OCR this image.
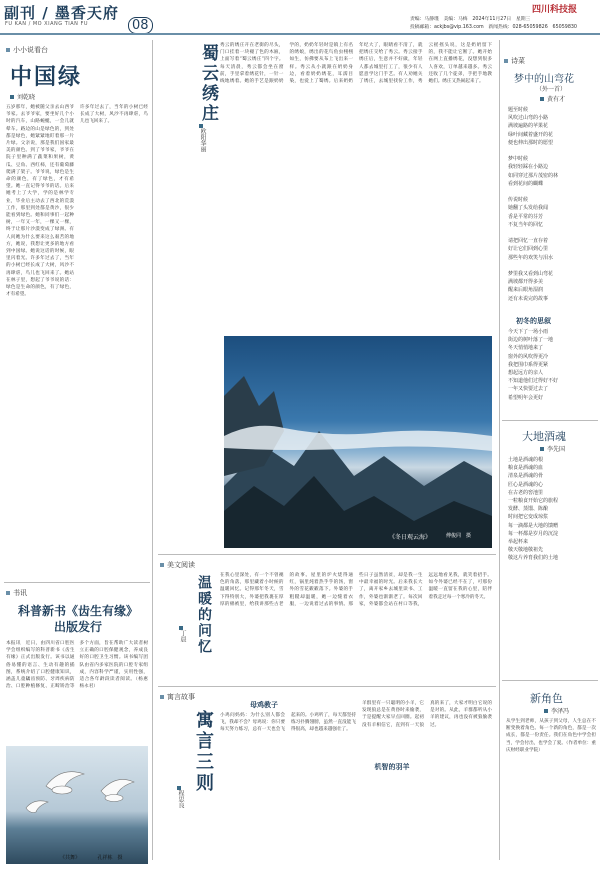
副刊 / 墨香天府
FU KAN / MO XIANG TIAN FU	08
四川科技报
责编：马静瑾　美编：马梅　2024年11月27日　星期三
投稿邮箱：ackjbs@vip.163.com　新闻热线：028-65059826　65059830
小小说看台
中国绿
刘乾晓
五岁那年，她被随父亲去山西爷爷家。去爷爷家，要坐好几个小时的汽车，山路蜿蜒，一会儿就晕车。路边的山是绿色的，到处都是绿色，她紧紧地盯着那一片片绿。父亲说，那是我们国家最美的颜色。到了爷爷家，爷爷在院子里种满了蔬菜和果树，黄瓜、豆角、西红柿，还有葡萄藤爬满了架子。爷爷说，绿色是生命的颜色，有了绿色，才有希望。她一直记得爷爷的话。后来她考上了大学，学的是林学专业，毕业后主动去了西北的荒漠工作，那里到处都是黄沙，很少能看到绿色。她和同事们一起种树，一年又一年，一棵又一棵，终于让那片沙漠变成了绿洲。有人问她为什么要来这么艰苦的地方，她说，我想让更多的地方看到中国绿。她说这话的时候，眼里闪着光。许多年过去了，当年的小树已经长成了大树，风沙不再肆虐，鸟儿也飞回来了。她站在林子里，想起了爷爷说的话：绿色是生命的颜色，有了绿色，才有希望。
许多年过去了，当年的小树已经长成了大树，风沙不再肆虐，鸟儿也飞回来了。
书讯
科普新书《齿生有缘》出版发行
本报讯　近日，由四川省口腔医学会组织编写的科普新书《齿生有缘》正式出版发行。该书以通俗易懂的语言、生动有趣的插图，系统介绍了口腔健康知识，涵盖儿童龋齿预防、牙周疾病防治、口腔种植修复、正畸矫治等多个方面，旨在帮助广大读者树立正确的口腔保健观念，养成良好的口腔卫生习惯。该书编写团队由省内多家医院的口腔专家组成，内容科学严谨，实用性强，适合各年龄段读者阅读。（杨惠　杨永君）
《共舞》　　　　	孔祥栋　摄
蜀云绣庄
欧阳华丽
秀云的绣庄开在老街的尽头，门口挂着一块褪了色的木匾，上面写着“蜀云绣庄”四个字。每天清晨，秀云都会坐在窗前，手里拿着绣花针，一针一线地绣着。她的手艺是跟奶奶学的，奶奶年轻时是镇上有名的绣娘，绣出的花鸟鱼虫栩栩如生，仿佛要从布上飞出来一样。秀云从小就跟在奶奶身边，看着奶奶绣花，耳濡目染，也爱上了蜀绣。后来奶奶年纪大了，眼睛看不清了，就把绣庄交给了秀云。秀云接手绣庄后，生意并不好做，年轻人都去城里打工了，很少有人愿意学这门手艺。有人劝她关了绣庄，去城里找份工作，秀云摇摇头说，这是奶奶留下的，我不能让它断了。她开始在网上直播绣花，没想到很多人喜欢，订单越来越多。秀云还收了几个徒弟，手把手地教她们。绣庄又热闹起来了。
《冬日观云海》	傅俊同　摄
美文阅读
温暖的问忆
丁晨
在我心里深处，有一个不曾褪色的角落，那里藏着小时候的温暖回忆。记得那年冬天，雪下得特别大，外婆把我裹在厚厚的棉被里，给我讲那些古老的故事。屋里的炉火烧得通红，锅里炖着热乎乎的汤，窗外的雪花簌簌落下。外婆的手粗糙却温暖，她一边缝着衣服，一边说着过去的事情。那些日子虽然清贫，却是我一生中最幸福的时光。后来我长大了，离开家乡去城里读书、工作，外婆也渐渐老了。每次回家，外婆都会站在村口等我，远远地看见我，就笑着招手。如今外婆已经不在了，可那份温暖一直留在我的心里，陪伴着我走过每一个寒冷的冬天。
寓言故事
寓言三则
程思良
母鸡教子
小鸡问妈妈：为什么别人都会飞，我却不会？母鸡说：你只要每天努力练习，总有一天也会飞起来的。小鸡听了，每天都坚持练习扑腾翅膀，虽然一直没能飞得很高，却也越来越强壮了。
机智的羽羊
羊群里有一只聪明的小羊，它发现狼总是在黄昏时来偷袭，于是提醒大家早点回圈。起初没有羊相信它，直到有一天狼真的来了，大家才明白它说的是对的。从此，羊群都听从小羊的建议，再也没有被狼偷袭过。
诗菜
梦中的山弯花
（外一首）
黄有才
题至时候
风吹过山弯的小路
满坡遍路的苹果花
绿叶间藏着盛开的花
便也伸出那时的愿望

梦中时候
我轻轻踩在小路边
如同穿过那片茂密的林
看到花间的蝴蝶

传说时候
她翻了头发给我闻
香是平常的芬芳
不复当年的回忆

请把回忆一直存着
好让它们回到心里
那些年的欢笑与泪水

梦里我又看到山弯花
满坡都开得多美
醒来后眼角湿润
还有未说完的故事
初冬的思叙
今天下了一场小雨
街边的树叶落了一地
冬天悄悄地来了
窗外的风吹得更冷
我把围巾系得更紧
想起远方的亲人
不知道他们过得好不好
一年又快要过去了
希望明年会更好
大地酒魂
李先国
土地是酒魂的根
粮食是酒魂的血
清泉是酒魂的骨
匠心是酒魂的心
在古老的窖池里
一粒粮食开始它的旅程
发酵、蒸馏、陈酿
时间把它变成琼浆
每一滴都是大地的馈赠
每一杯都是岁月的沉淀
举起杯来
敬天敬地敬祖先
敬这片养育我们的土地
新角色
李泽冯
从学生到老师，从孩子到父母，人生总在不断变换着角色。每一个新的角色，都是一次成长，都是一份责任。我们在角色中学会担当，学会付出，也学会了爱。（作者单位：重庆财经职业学院）
